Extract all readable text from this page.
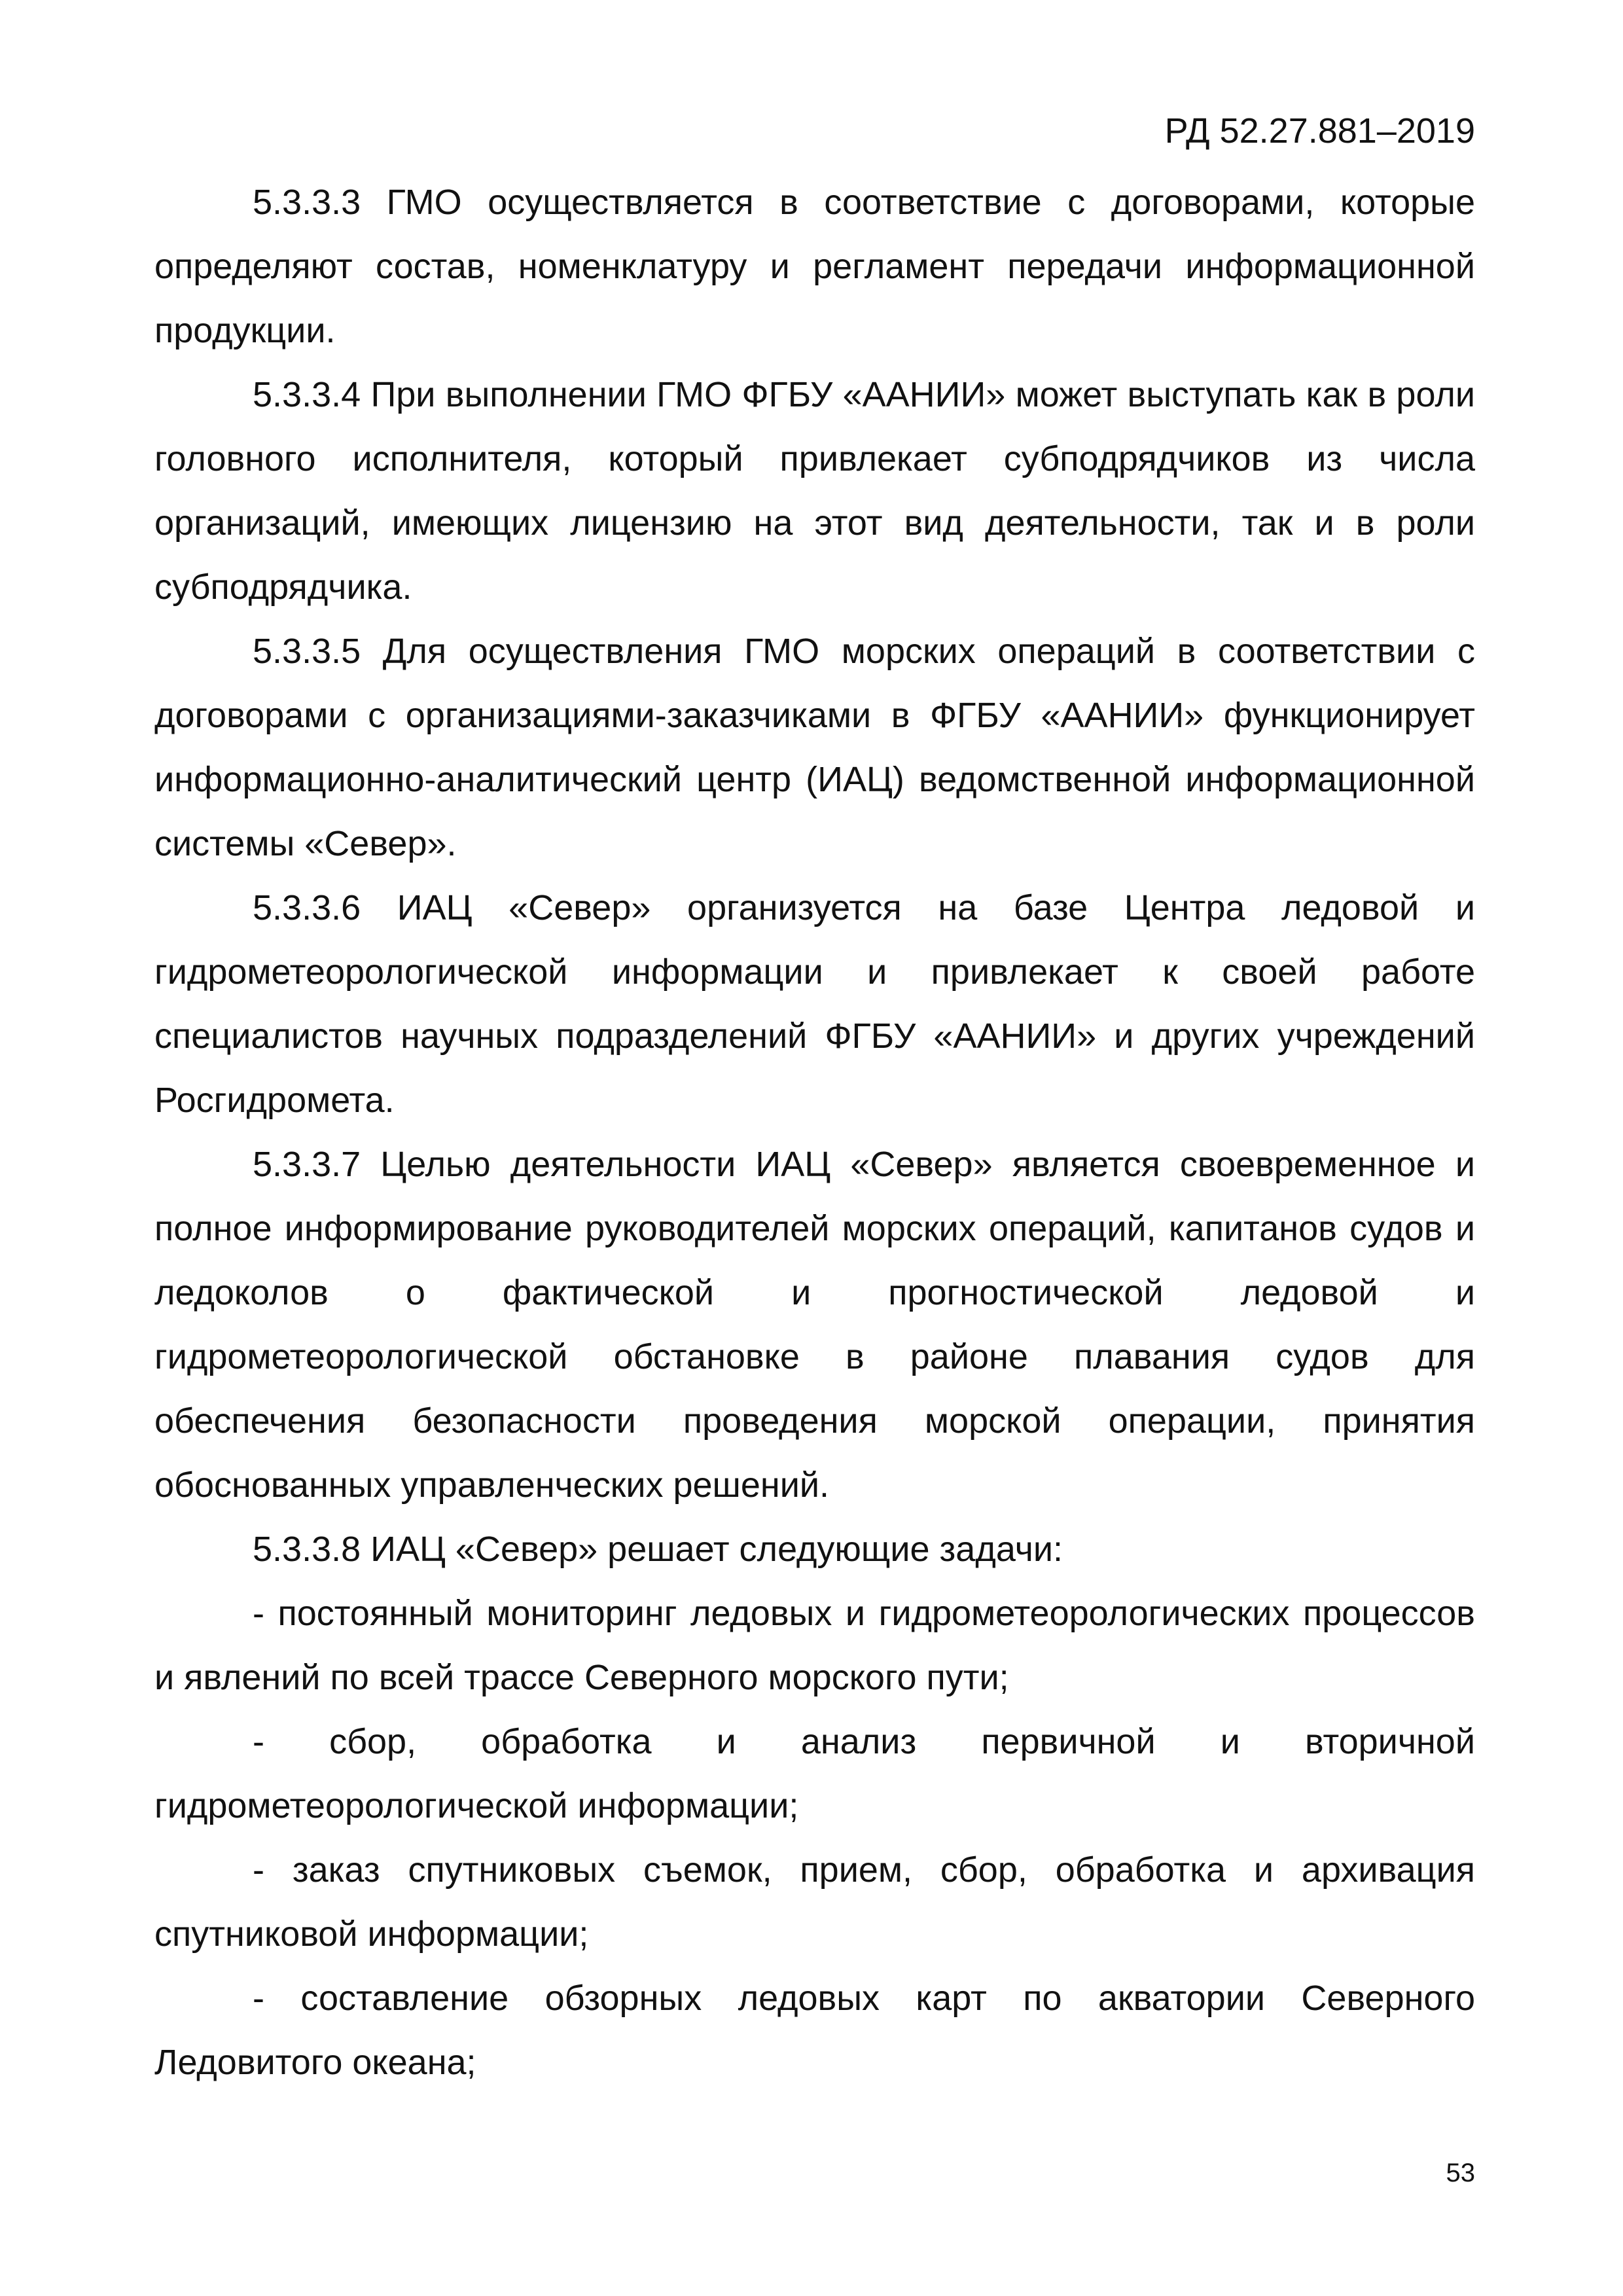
РД 52.27.881–2019

5.3.3.3 ГМО осуществляется в соответствие с договорами, которые определяют состав, номенклатуру и регламент передачи информационной продукции.

5.3.3.4 При выполнении ГМО ФГБУ «ААНИИ» может выступать как в роли головного исполнителя, который привлекает субподрядчиков из числа организаций, имеющих лицензию на этот вид деятельности, так и в роли субподрядчика.

5.3.3.5 Для осуществления ГМО морских операций в соответствии с договорами с организациями-заказчиками в ФГБУ «ААНИИ» функционирует информационно-аналитический центр (ИАЦ) ведомственной информационной системы «Север».

5.3.3.6 ИАЦ «Север» организуется на базе Центра ледовой и гидрометеорологической информации и привлекает к своей работе специалистов научных подразделений ФГБУ «ААНИИ» и других учреждений Росгидромета.

5.3.3.7 Целью деятельности ИАЦ «Север» является своевременное и полное информирование руководителей морских операций, капитанов судов и ледоколов о фактической и прогностической ледовой и гидрометеорологической обстановке в районе плавания судов для обеспечения безопасности проведения морской операции, принятия обоснованных управленческих решений.

5.3.3.8 ИАЦ «Север» решает следующие задачи:

- постоянный мониторинг ледовых и гидрометеорологических процессов и явлений по всей трассе Северного морского пути;

- сбор, обработка и анализ первичной и вторичной гидрометеорологической информации;

- заказ спутниковых съемок, прием, сбор, обработка и архивация спутниковой информации;

- составление обзорных ледовых карт по акватории Северного Ледовитого океана;

53
